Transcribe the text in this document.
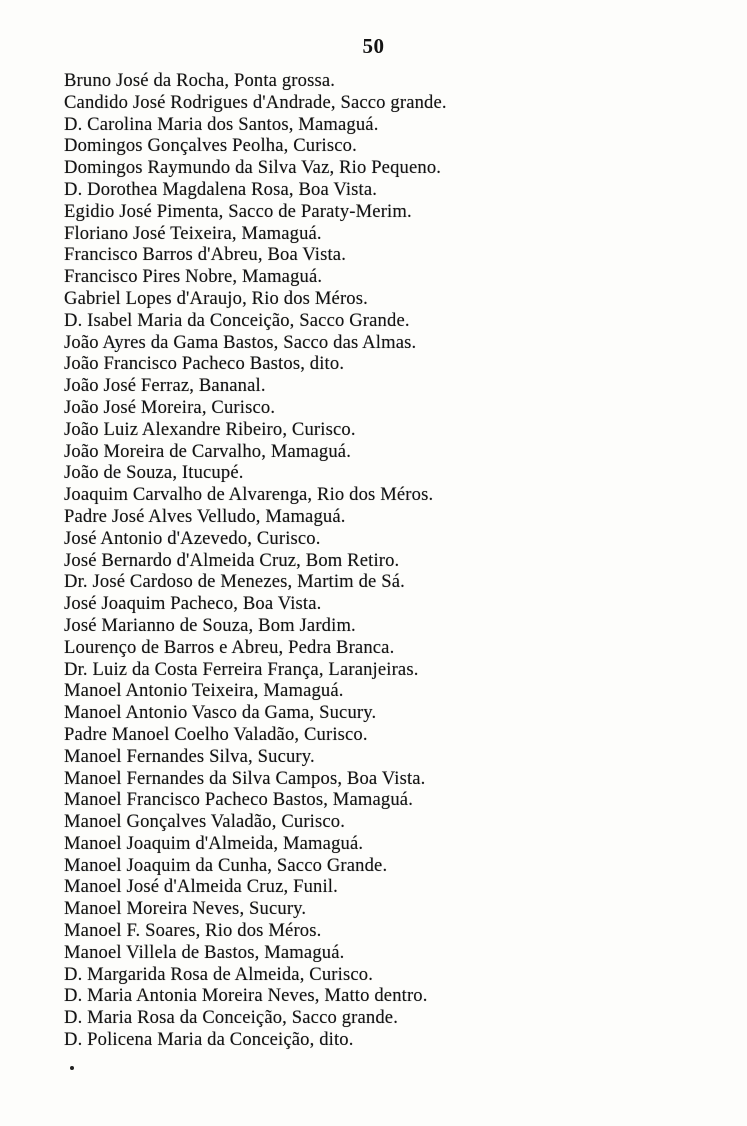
50
Bruno José da Rocha, Ponta grossa.
Candido José Rodrigues d'Andrade, Sacco grande.
D. Carolina Maria dos Santos, Mamaguá.
Domingos Gonçalves Peolha, Curisco.
Domingos Raymundo da Silva Vaz, Rio Pequeno.
D. Dorothea Magdalena Rosa, Boa Vista.
Egidio José Pimenta, Sacco de Paraty-Merim.
Floriano José Teixeira, Mamaguá.
Francisco Barros d'Abreu, Boa Vista.
Francisco Pires Nobre, Mamaguá.
Gabriel Lopes d'Araujo, Rio dos Méros.
D. Isabel Maria da Conceição, Sacco Grande.
João Ayres da Gama Bastos, Sacco das Almas.
João Francisco Pacheco Bastos, dito.
João José Ferraz, Bananal.
João José Moreira, Curisco.
João Luiz Alexandre Ribeiro, Curisco.
João Moreira de Carvalho, Mamaguá.
João de Souza, Itucupé.
Joaquim Carvalho de Alvarenga, Rio dos Méros.
Padre José Alves Velludo, Mamaguá.
José Antonio d'Azevedo, Curisco.
José Bernardo d'Almeida Cruz, Bom Retiro.
Dr. José Cardoso de Menezes, Martim de Sá.
José Joaquim Pacheco, Boa Vista.
José Marianno de Souza, Bom Jardim.
Lourenço de Barros e Abreu, Pedra Branca.
Dr. Luiz da Costa Ferreira França, Laranjeiras.
Manoel Antonio Teixeira, Mamaguá.
Manoel Antonio Vasco da Gama, Sucury.
Padre Manoel Coelho Valadão, Curisco.
Manoel Fernandes Silva, Sucury.
Manoel Fernandes da Silva Campos, Boa Vista.
Manoel Francisco Pacheco Bastos, Mamaguá.
Manoel Gonçalves Valadão, Curisco.
Manoel Joaquim d'Almeida, Mamaguá.
Manoel Joaquim da Cunha, Sacco Grande.
Manoel José d'Almeida Cruz, Funil.
Manoel Moreira Neves, Sucury.
Manoel F. Soares, Rio dos Méros.
Manoel Villela de Bastos, Mamaguá.
D. Margarida Rosa de Almeida, Curisco.
D. Maria Antonia Moreira Neves, Matto dentro.
D. Maria Rosa da Conceição, Sacco grande.
D. Policena Maria da Conceição, dito.
